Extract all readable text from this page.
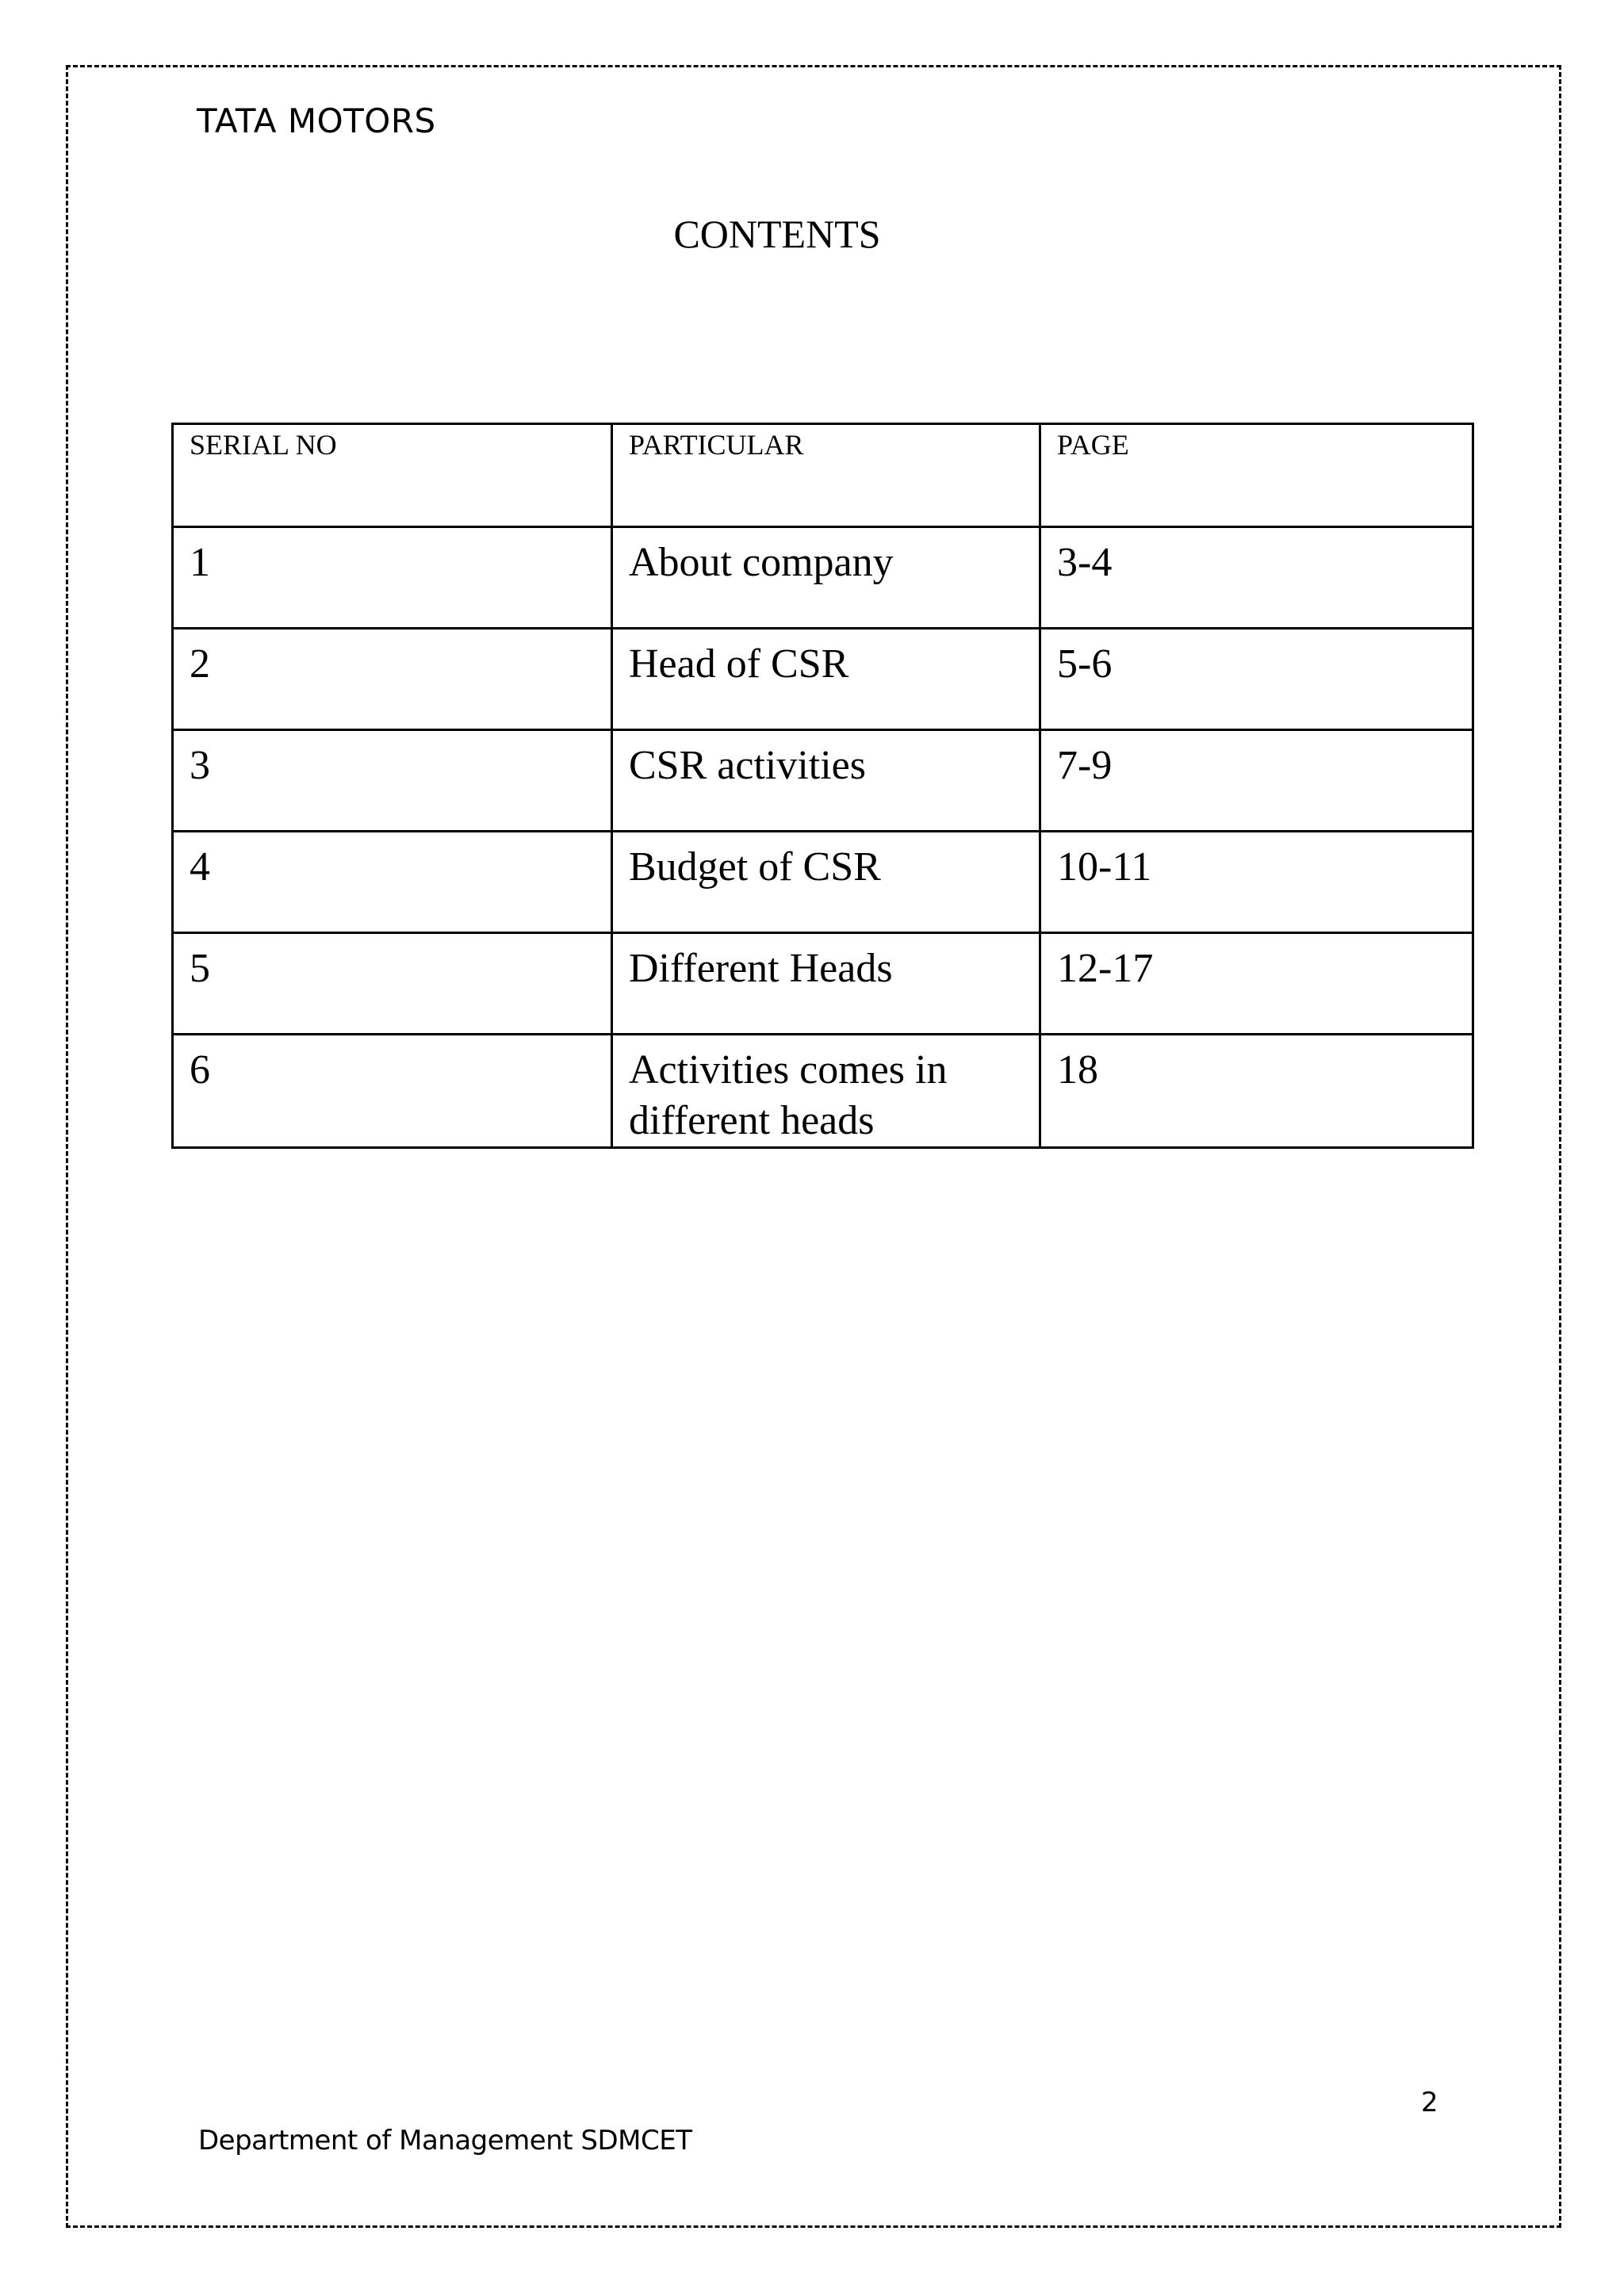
TATA MOTORS
CONTENTS
SERIAL NO	PARTICULAR	PAGE
1	About company	3-4
2	Head of CSR	5-6
3	CSR activities	7-9
4	Budget of CSR	10-11
5	Different Heads	12-17
6	Activities comes in different heads	18
2
Department of Management SDMCET
